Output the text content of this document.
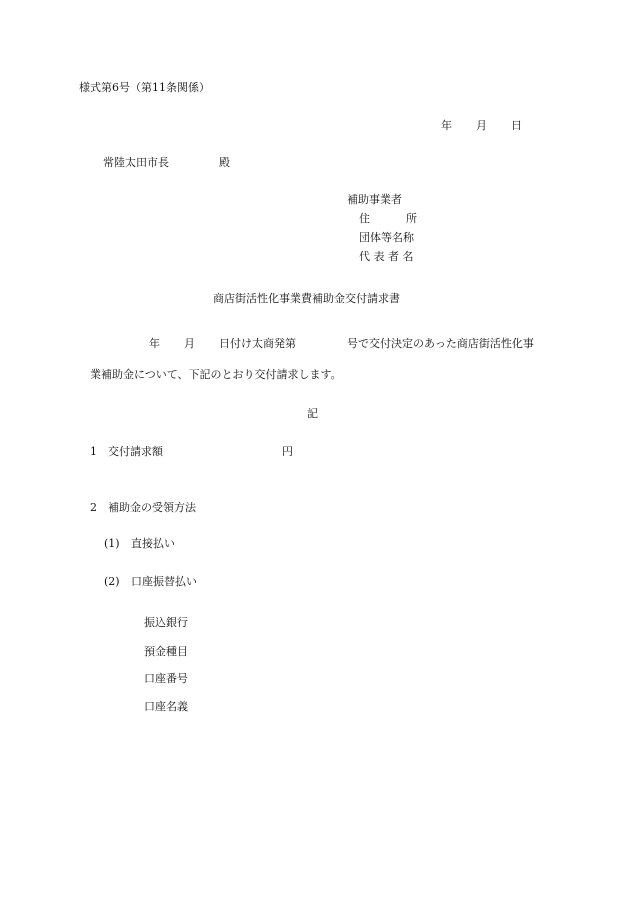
様式第6号（第11条関係）
年 月 日
常陸太田市長	殿
補助事業者
住	所
団体等名称
代 表 者 名
商店街活性化事業費補助金交付請求書
年 月 日付け太商発第	号で交付決定のあった商店街活性化事
業補助金について、下記のとおり交付請求します。
記
1 交付請求額	円
2 補助金の受領方法
(1) 直接払い
(2) 口座振替払い
振込銀行
預金種目
口座番号
口座名義
